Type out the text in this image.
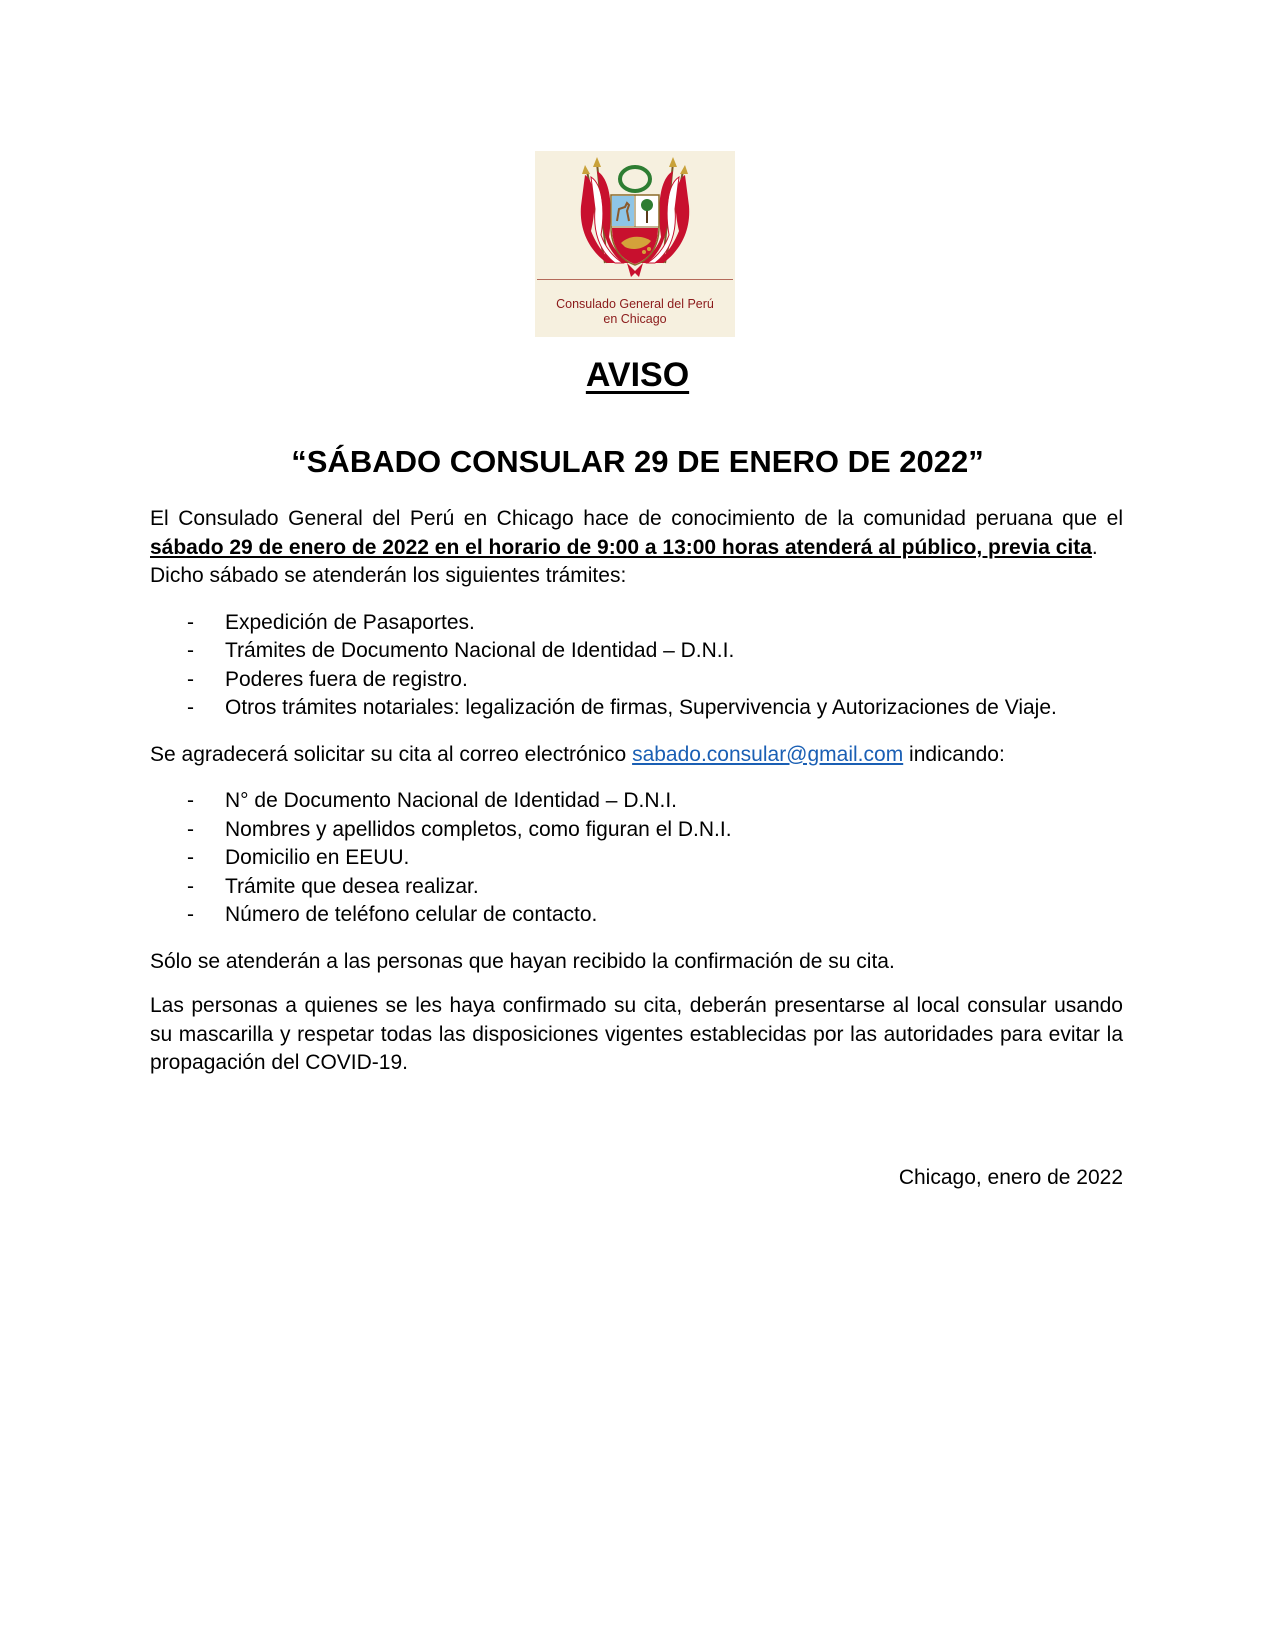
Consulado General del Perú
en Chicago
AVISO
“SÁBADO CONSULAR 29 DE ENERO DE 2022”

El Consulado General del Perú en Chicago hace de conocimiento de la comunidad peruana que el sábado 29 de enero de 2022 en el horario de 9:00 a 13:00 horas atenderá al público, previa cita.

Dicho sábado se atenderán los siguientes trámites:

- Expedición de Pasaportes.
- Trámites de Documento Nacional de Identidad – D.N.I.
- Poderes fuera de registro.
- Otros trámites notariales: legalización de firmas, Supervivencia y Autorizaciones de Viaje.

Se agradecerá solicitar su cita al correo electrónico sabado.consular@gmail.com indicando:

- N° de Documento Nacional de Identidad – D.N.I.
- Nombres y apellidos completos, como figuran el D.N.I.
- Domicilio en EEUU.
- Trámite que desea realizar.
- Número de teléfono celular de contacto.

Sólo se atenderán a las personas que hayan recibido la confirmación de su cita.

Las personas a quienes se les haya confirmado su cita, deberán presentarse al local consular usando su mascarilla y respetar todas las disposiciones vigentes establecidas por las autoridades para evitar la propagación del COVID-19.

Chicago, enero de 2022
